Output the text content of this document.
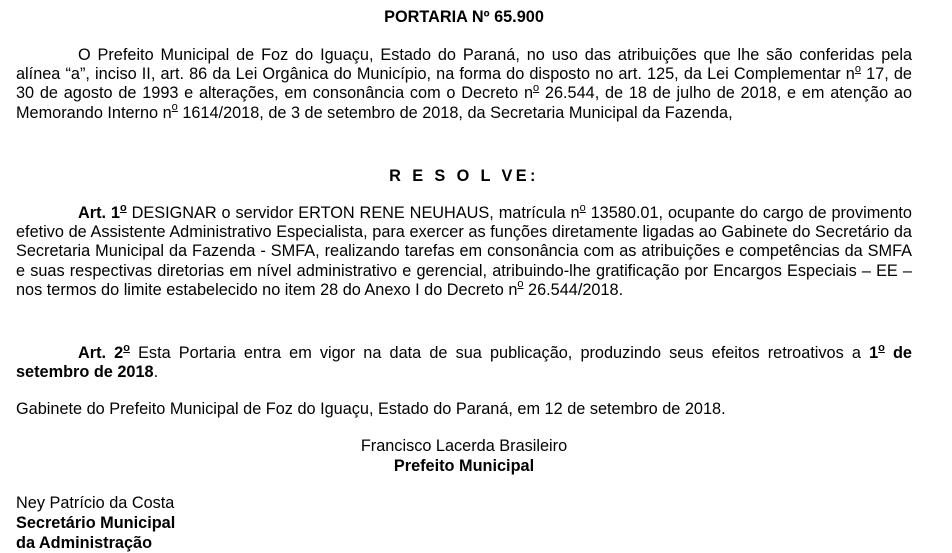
PORTARIA Nº 65.900

O Prefeito Municipal de Foz do Iguaçu, Estado do Paraná, no uso das atribuições que lhe são conferidas pela alínea “a”, inciso II, art. 86 da Lei Orgânica do Município, na forma do disposto no art. 125, da Lei Complementar $n^o$ 17, de 30 de agosto de 1993 e alterações, em consonância com o Decreto $n^o$ 26.544, de 18 de julho de 2018, e em atenção ao Memorando Interno $n^o$ 1614/2018, de 3 de setembro de 2018, da Secretaria Municipal da Fazenda,

R E S O L VE:

Art. 1$^o$ DESIGNAR o servidor ERTON RENE NEUHAUS, matrícula $n^o$ 13580.01, ocupante do cargo de provimento efetivo de Assistente Administrativo Especialista, para exercer as funções diretamente ligadas ao Gabinete do Secretário da Secretaria Municipal da Fazenda - SMFA, realizando tarefas em consonância com as atribuições e competências da SMFA e suas respectivas diretorias em nível administrativo e gerencial, atribuindo-lhe gratificação por Encargos Especiais – EE – nos termos do limite estabelecido no item 28 do Anexo I do Decreto $n^o$ 26.544/2018.

Art. 2$^o$ Esta Portaria entra em vigor na data de sua publicação, produzindo seus efeitos retroativos a 1$^o$ de setembro de 2018.

Gabinete do Prefeito Municipal de Foz do Iguaçu, Estado do Paraná, em 12 de setembro de 2018.
Francisco Lacerda Brasileiro
Prefeito Municipal
Ney Patrício da Costa
Secretário Municipal
da Administração
